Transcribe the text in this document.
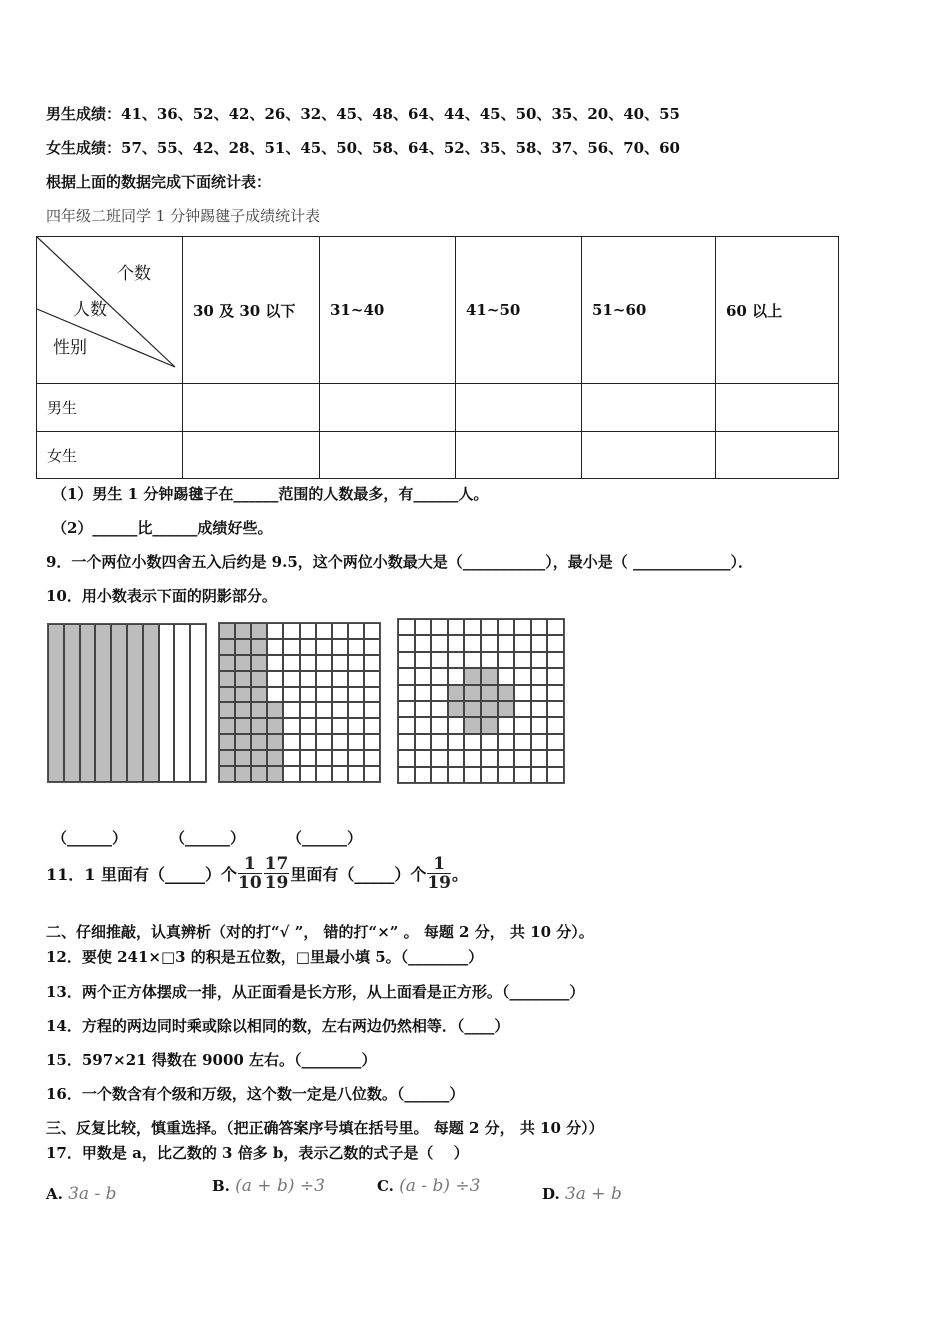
男生成绩：41、36、52、42、26、32、45、48、64、44、45、50、35、20、40、55
女生成绩：57、55、42、28、51、45、50、58、64、52、35、58、37、56、70、60
根据上面的数据完成下面统计表：
四年级二班同学 1 分钟踢毽子成绩统计表
个数
人数
性别	30 及 30 以下	31~40	41~50	51~60	60 以上
男生					
女生					
（1）男生 1 分钟踢毽子在______范围的人数最多，有______人。
（2）______比______成绩好些。
9．一个两位小数四舍五入后约是 9.5，这个两位小数最大是（___________），最小是（ _____________）．
10．用小数表示下面的阴影部分。
（______）	（______）	（______）
11．1 里面有（_____）个 $\frac{1}{10} \frac{17}{19}$ 里面有（_____）个 $\frac{1}{19}$ 。
二、仔细推敲，认真辨析（对的打“√ ”， 错的打“×” 。 每题 2 分， 共 10 分）。
12．要使 241×□3 的积是五位数，□里最小填 5。（________）
13．两个正方体摆成一排，从正面看是长方形，从上面看是正方形。（________）
14．方程的两边同时乘或除以相同的数，左右两边仍然相等．（____）
15．597×21 得数在 9000 左右。（________）
16．一个数含有个级和万级，这个数一定是八位数。（______）
三、反复比较，慎重选择。（把正确答案序号填在括号里。 每题 2 分， 共 10 分））
17．甲数是 a，比乙数的 3 倍多 b，表示乙数的式子是（　 ）
A. 3a - b	B. (a + b) ÷3	C. (a - b) ÷3	D. 3a + b
